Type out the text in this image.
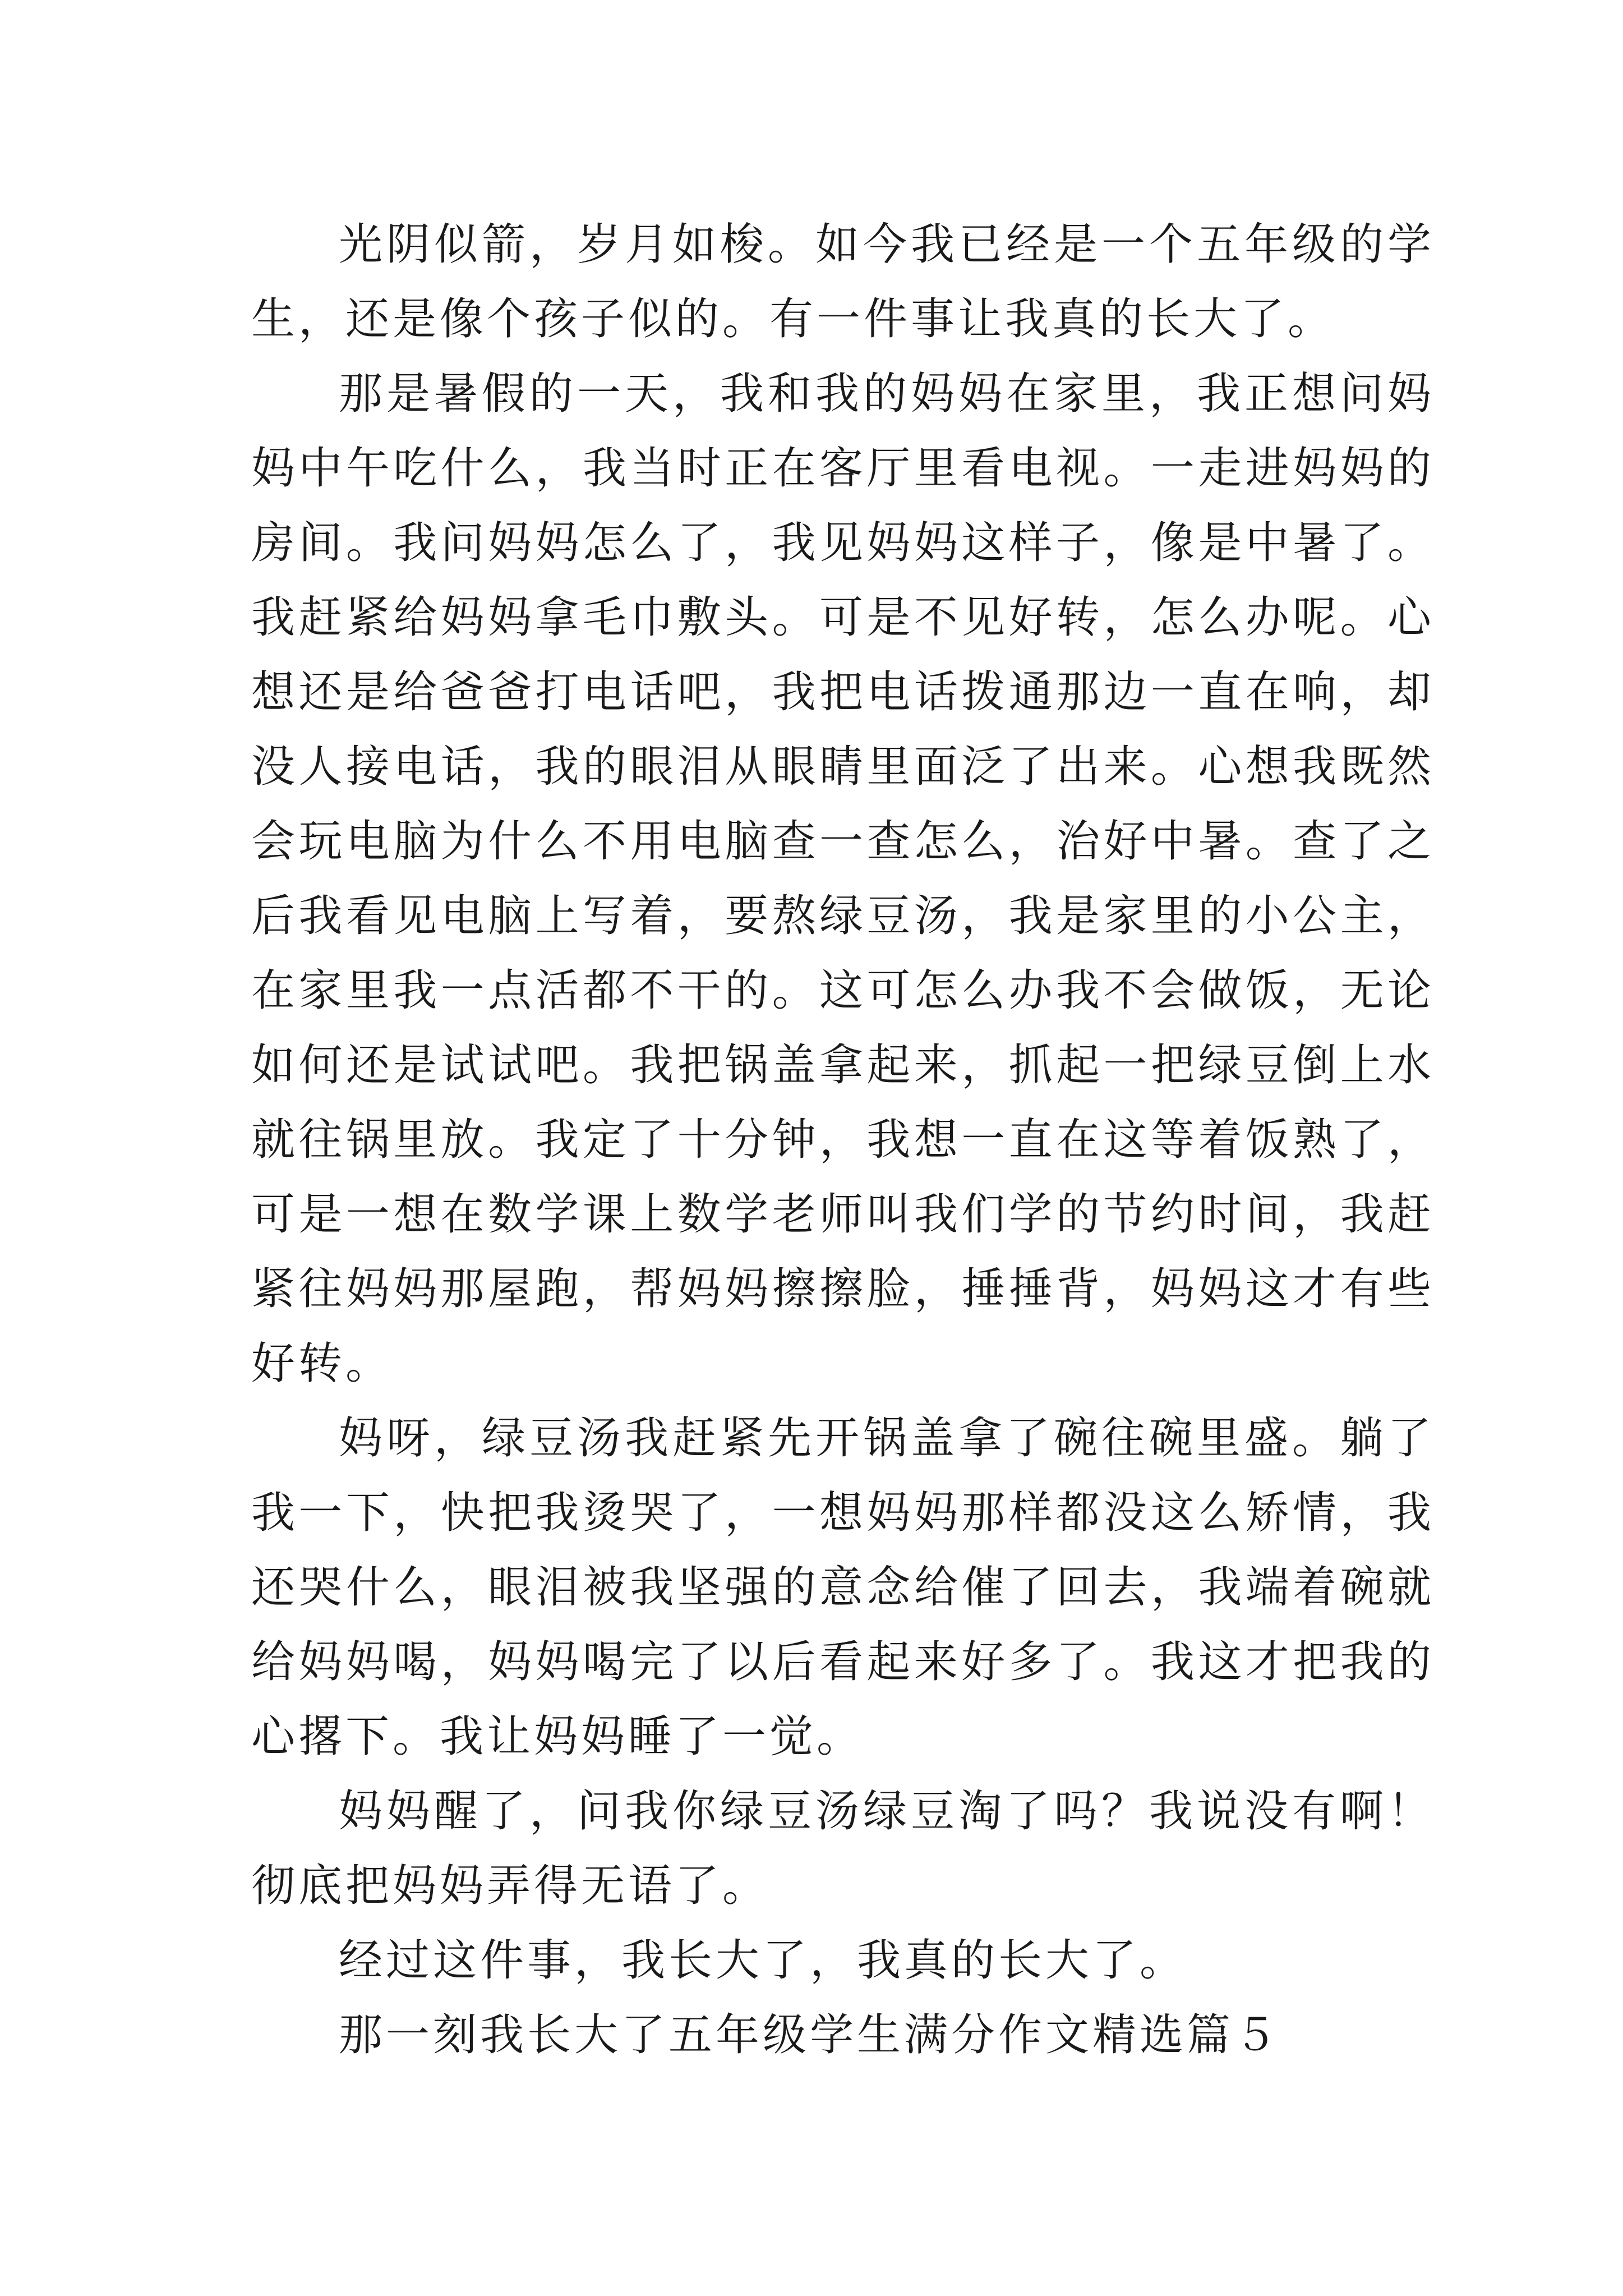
光阴似箭，岁月如梭。如今我已经是一个五年级的学生，还是像个孩子似的。有一件事让我真的长大了。

那是暑假的一天，我和我的妈妈在家里，我正想问妈妈中午吃什么，我当时正在客厅里看电视。一走进妈妈的房间。我问妈妈怎么了，我见妈妈这样子，像是中暑了。我赶紧给妈妈拿毛巾敷头。可是不见好转，怎么办呢。心想还是给爸爸打电话吧，我把电话拨通那边一直在响，却没人接电话，我的眼泪从眼睛里面泛了出来。心想我既然会玩电脑为什么不用电脑查一查怎么，治好中暑。查了之后我看见电脑上写着，要熬绿豆汤，我是家里的小公主，在家里我一点活都不干的。这可怎么办我不会做饭，无论如何还是试试吧。我把锅盖拿起来，抓起一把绿豆倒上水就往锅里放。我定了十分钟，我想一直在这等着饭熟了，可是一想在数学课上数学老师叫我们学的节约时间，我赶紧往妈妈那屋跑，帮妈妈擦擦脸，捶捶背，妈妈这才有些好转。

妈呀，绿豆汤我赶紧先开锅盖拿了碗往碗里盛。躺了我一下，快把我烫哭了，一想妈妈那样都没这么矫情，我还哭什么，眼泪被我坚强的意念给催了回去，我端着碗就给妈妈喝，妈妈喝完了以后看起来好多了。我这才把我的心撂下。我让妈妈睡了一觉。

妈妈醒了，问我你绿豆汤绿豆淘了吗？我说没有啊！彻底把妈妈弄得无语了。

经过这件事，我长大了，我真的长大了。

那一刻我长大了五年级学生满分作文精选篇５
